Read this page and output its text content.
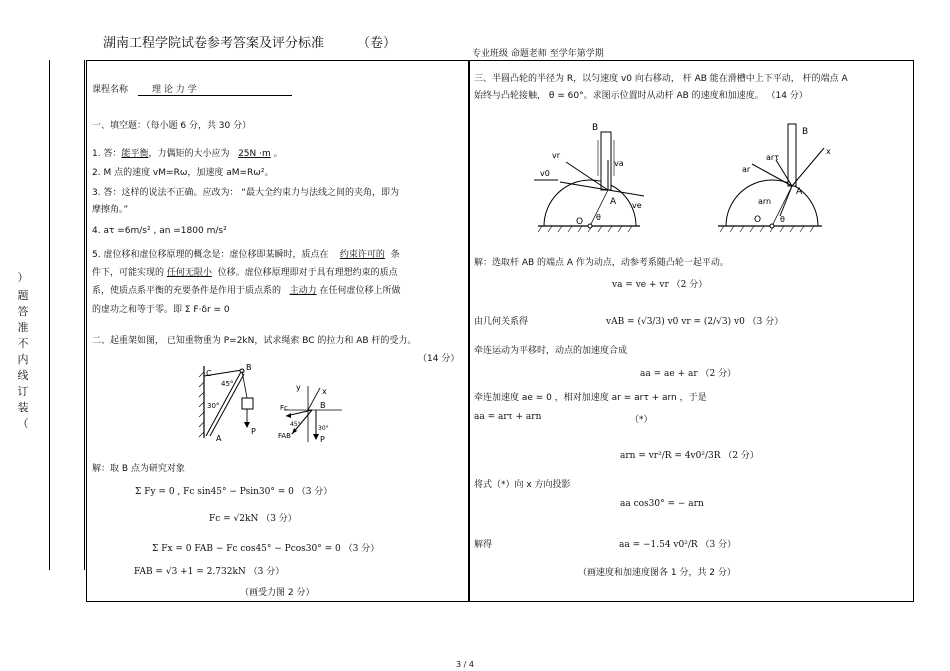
湖南工程学院试卷参考答案及评分标准	（卷）
专业班级 命题老师 至学年第学期
）
题
答
准
不
内
线
订
装
（
课程名称	理 论 力 学
一、填空题：（每小题 6 分，共 30 分）
1. 答：能平衡，力偶矩的大小应为 25N ·m 。
2. M 点的速度 vM=Rω，加速度 aM=Rω²。
3. 答：这样的说法不正确。应改为： “最大全约束力与法线之间的夹角，即为
摩擦角。”
4. aτ =6m/s² , an =1800 m/s²
5. 虚位移和虚位移原理的概念是：虚位移即某瞬时，质点在 约束许可的 条
件下，可能实现的 任何无限小 位移。虚位移原理即对于具有理想约束的质点
系，使质点系平衡的充要条件是作用于质点系的 主动力 在任何虚位移上所做
的虚功之和等于零。即 Σ F·δr = 0
二、起重架如图， 已知重物重为 P=2kN，试求绳索 BC 的拉力和 AB 杆的受力。
（14 分）
C
B
A
P
45°
30°
y	x
B
Fc
FAB	P
45°
30°
解：取 B 点为研究对象
Σ Fy = 0 , Fc sin45° − Psin30° = 0 （3 分）
Fc = √2kN （3 分）
Σ Fx = 0 FAB − Fc cos45° − Pcos30° = 0 （3 分）
FAB = √3 +1 = 2.732kN （3 分）
（画受力图 2 分）
三、半圆凸轮的半径为 R，以匀速度 v0 向右移动， 杆 AB 能在滑槽中上下平动， 杆的端点 A
始终与凸轮接触， θ = 60°。求图示位置时从动杆 AB 的速度和加速度。 （14 分）
B
A
O θ
v0
vr
va
ve
B
A
O θ
x
ar
arτ
arn
解：选取杆 AB 的端点 A 作为动点，动参考系随凸轮一起平动。
va = ve + vr （2 分）
由几何关系得	vAB = (√3/3) v0 vr = (2/√3) v0 （3 分）
牵连运动为平移时，动点的加速度合成
aa = ae + ar （2 分）
牵连加速度 ae = 0 ，相对加速度 ar = arτ + arn ，于是
aa = arτ + arn	（*）
arn = vr²/R = 4v0²/3R （2 分）
将式（*）向 x 方向投影
aa cos30° = − arn
解得	aa = −1.54 v0²/R （3 分）
（画速度和加速度图各 1 分，共 2 分）
3 / 4
